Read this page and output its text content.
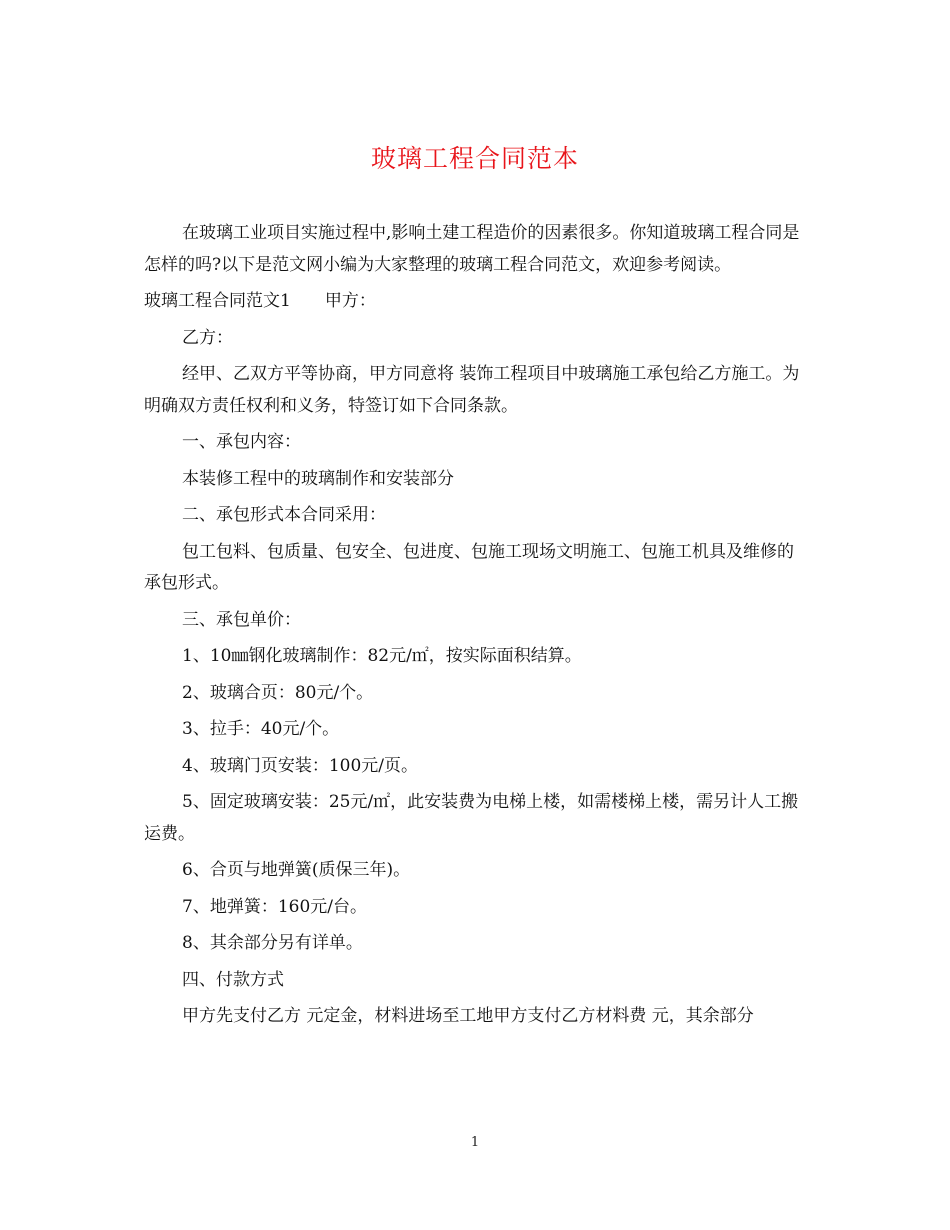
玻璃工程合同范本

在玻璃工业项目实施过程中,影响土建工程造价的因素很多。你知道玻璃工程合同是怎样的吗?以下是范文网小编为大家整理的玻璃工程合同范文，欢迎参考阅读。

玻璃工程合同范文1　　甲方：

乙方：

经甲、乙双方平等协商，甲方同意将 装饰工程项目中玻璃施工承包给乙方施工。为明确双方责任权利和义务，特签订如下合同条款。

一、承包内容：

本装修工程中的玻璃制作和安装部分

二、承包形式本合同采用：

包工包料、包质量、包安全、包进度、包施工现场文明施工、包施工机具及维修的承包形式。

三、承包单价：

1、10㎜钢化玻璃制作：82元/㎡，按实际面积结算。

2、玻璃合页：80元/个。

3、拉手：40元/个。

4、玻璃门页安装：100元/页。

5、固定玻璃安装：25元/㎡，此安装费为电梯上楼，如需楼梯上楼，需另计人工搬运费。

6、合页与地弹簧(质保三年)。

7、地弹簧：160元/台。

8、其余部分另有详单。

四、付款方式

甲方先支付乙方 元定金，材料进场至工地甲方支付乙方材料费 元，其余部分

1
